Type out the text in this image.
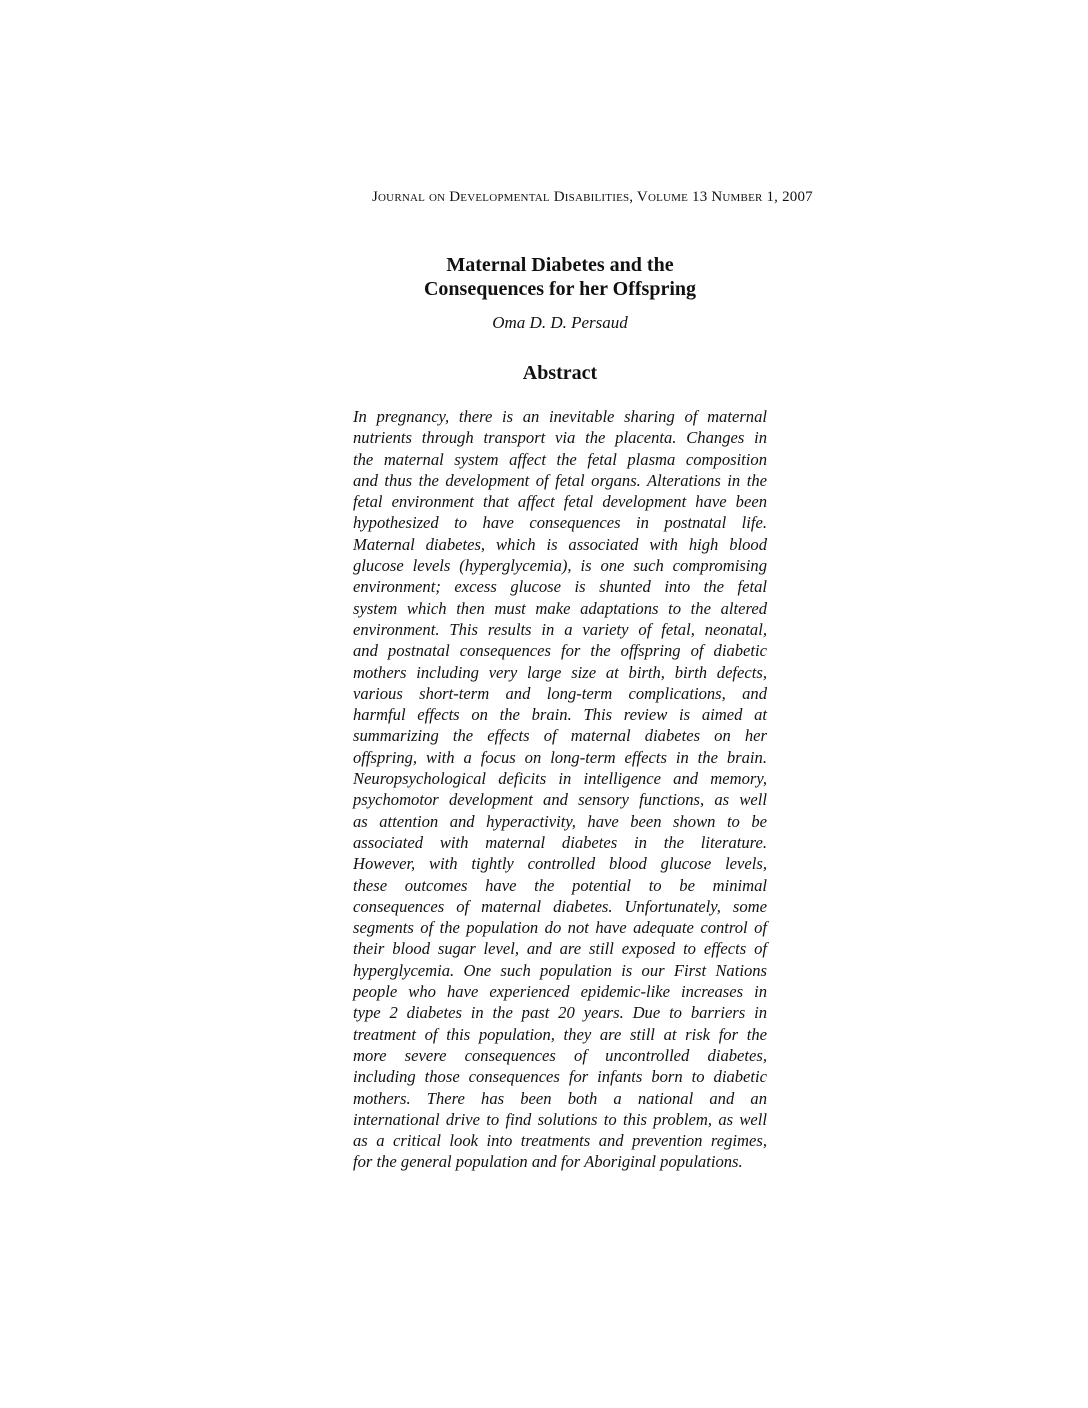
Journal on Developmental Disabilities, Volume 13 Number 1, 2007
Maternal Diabetes and the
Consequences for her Offspring
Oma D. D. Persaud
Abstract
In pregnancy, there is an inevitable sharing of maternal
nutrients through transport via the placenta. Changes in
the maternal system affect the fetal plasma composition
and thus the development of fetal organs. Alterations in the
fetal environment that affect fetal development have been
hypothesized to have consequences in postnatal life.
Maternal diabetes, which is associated with high blood
glucose levels (hyperglycemia), is one such compromising
environment; excess glucose is shunted into the fetal
system which then must make adaptations to the altered
environment. This results in a variety of fetal, neonatal,
and postnatal consequences for the offspring of diabetic
mothers including very large size at birth, birth defects,
various short-term and long-term complications, and
harmful effects on the brain. This review is aimed at
summarizing the effects of maternal diabetes on her
offspring, with a focus on long-term effects in the brain.
Neuropsychological deficits in intelligence and memory,
psychomotor development and sensory functions, as well
as attention and hyperactivity, have been shown to be
associated with maternal diabetes in the literature.
However, with tightly controlled blood glucose levels,
these outcomes have the potential to be minimal
consequences of maternal diabetes. Unfortunately, some
segments of the population do not have adequate control of
their blood sugar level, and are still exposed to effects of
hyperglycemia. One such population is our First Nations
people who have experienced epidemic-like increases in
type 2 diabetes in the past 20 years. Due to barriers in
treatment of this population, they are still at risk for the
more severe consequences of uncontrolled diabetes,
including those consequences for infants born to diabetic
mothers. There has been both a national and an
international drive to find solutions to this problem, as well
as a critical look into treatments and prevention regimes,
for the general population and for Aboriginal populations.
